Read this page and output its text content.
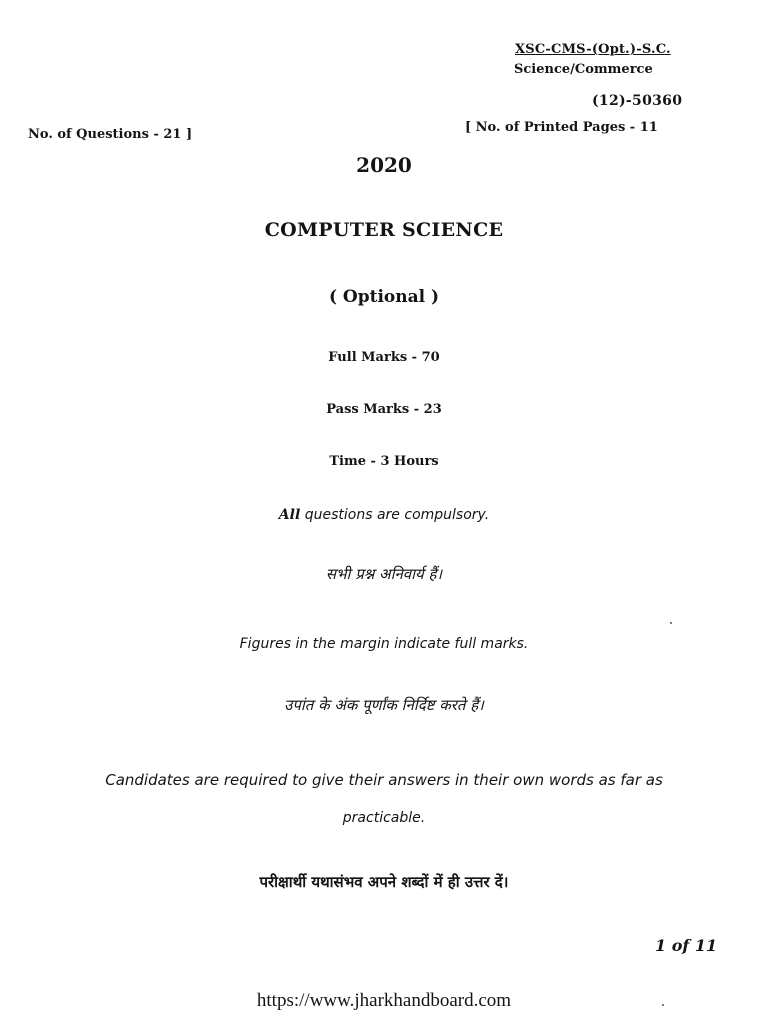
XSC-CMS-(Opt.)-S.C.
Science/Commerce
(12)-50360
No. of Questions - 21 ]	[ No. of Printed Pages - 11
2020
COMPUTER SCIENCE
( Optional )
Full Marks - 70
Pass Marks - 23
Time - 3 Hours
All questions are compulsory.
सभी प्रश्न अनिवार्य हैं।
Figures in the margin indicate full marks.
उपांत के अंक पूर्णांक निर्दिष्ट करते हैं।
Candidates are required to give their answers in their own words as far as
practicable.
परीक्षार्थी यथासंभव अपने शब्दों में ही उत्तर दें।
1 of 11
https://www.jharkhandboard.com
